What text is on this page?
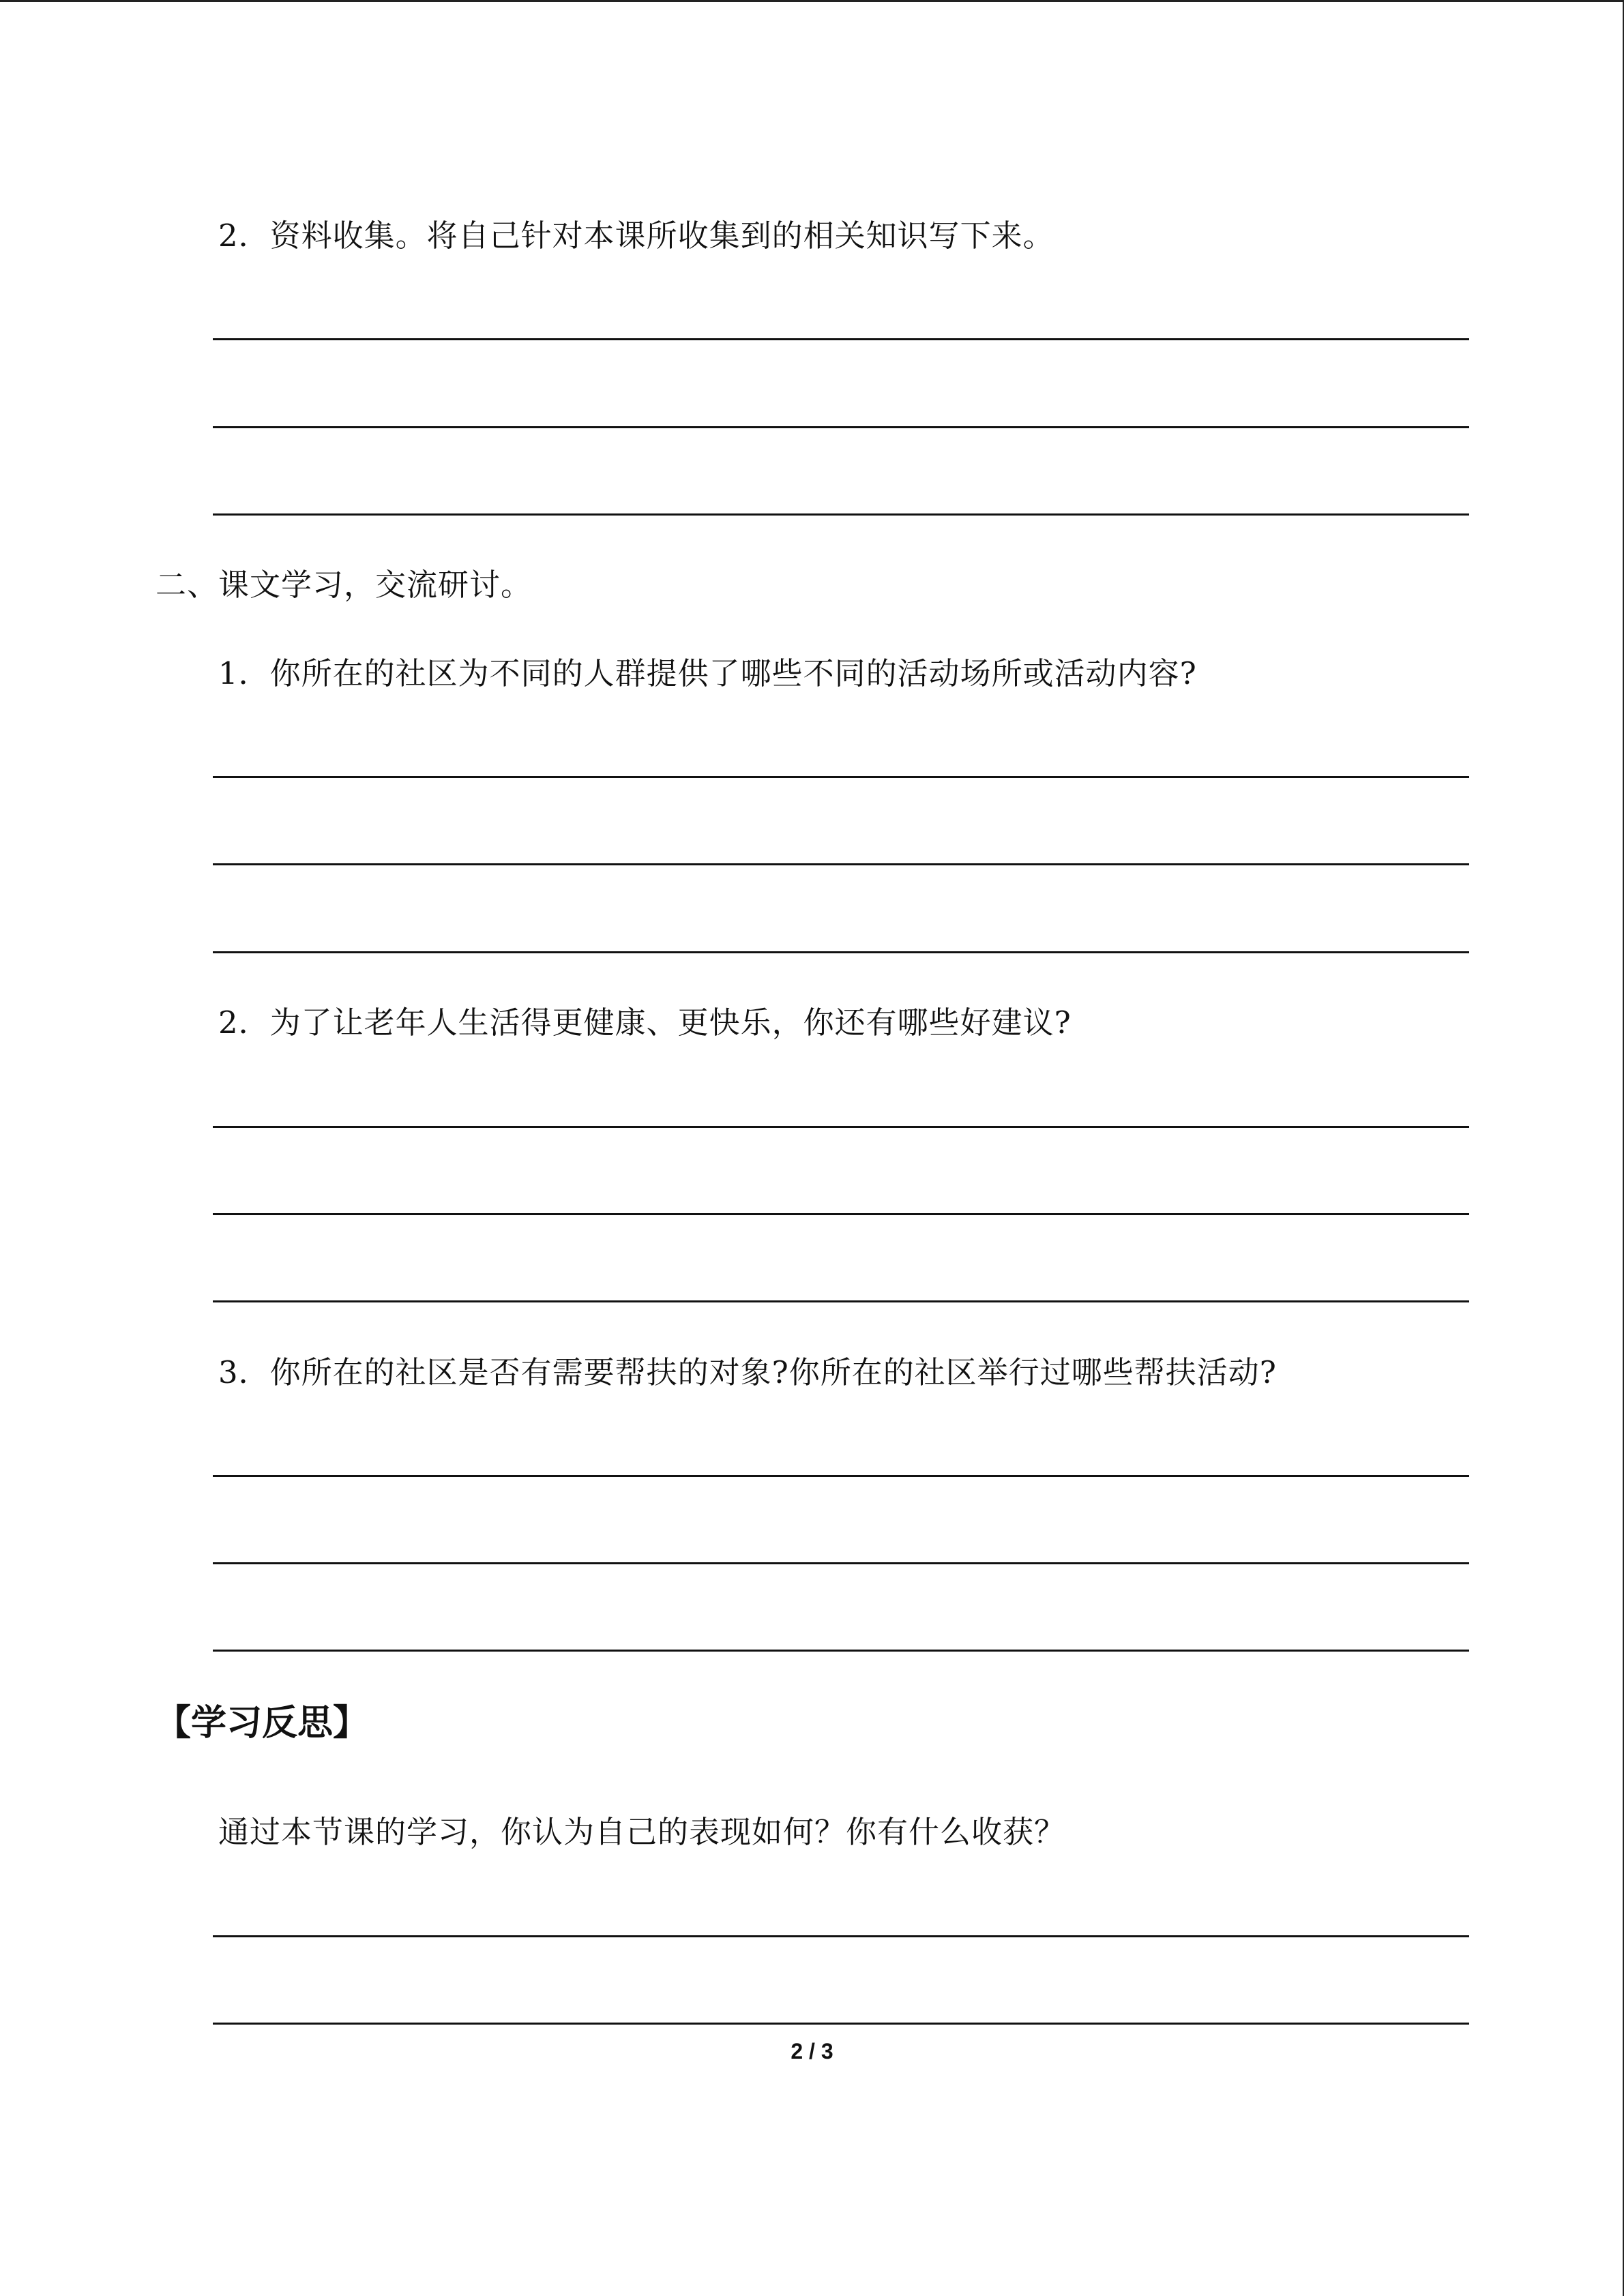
2．资料收集。将自己针对本课所收集到的相关知识写下来。
二、课文学习，交流研讨。
1．你所在的社区为不同的人群提供了哪些不同的活动场所或活动内容?
2．为了让老年人生活得更健康、更快乐，你还有哪些好建议?
3．你所在的社区是否有需要帮扶的对象?你所在的社区举行过哪些帮扶活动?
【学习反思】
通过本节课的学习，你认为自己的表现如何？你有什么收获？
2 / 3
